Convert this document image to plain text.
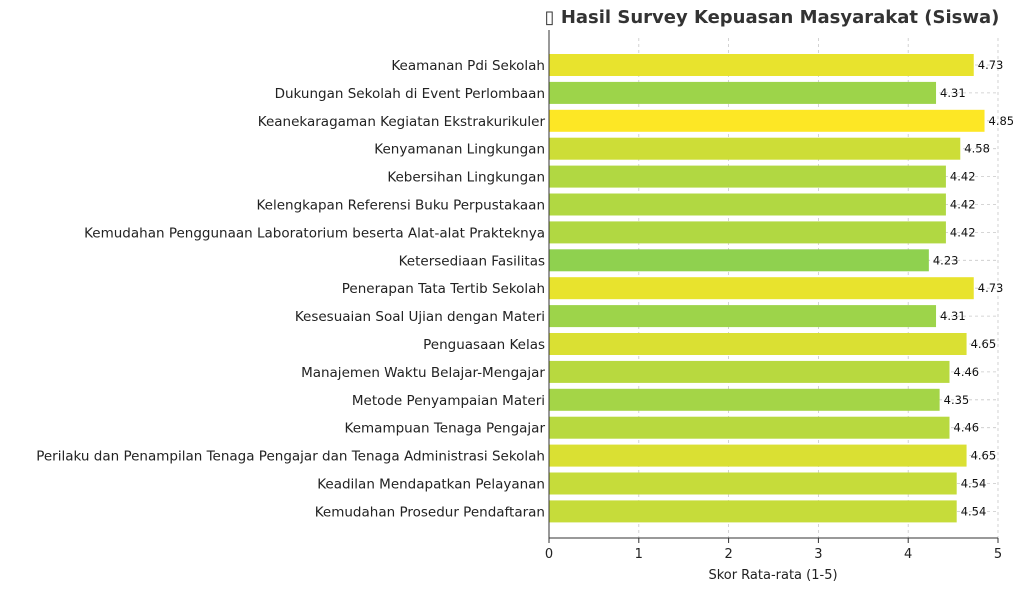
▯ Hasil Survey Kepuasan Masyarakat (Siswa)
Keamanan Pdi Sekolah	4.73
Dukungan Sekolah di Event Perlombaan	4.31
Keanekaragaman Kegiatan Ekstrakurikuler	4.85
Kenyamanan Lingkungan	4.58
Kebersihan Lingkungan	4.42
Kelengkapan Referensi Buku Perpustakaan	4.42
Kemudahan Penggunaan Laboratorium beserta Alat-alat Prakteknya	4.42
Ketersediaan Fasilitas	4.23
Penerapan Tata Tertib Sekolah	4.73
Kesesuaian Soal Ujian dengan Materi	4.31
Penguasaan Kelas	4.65
Manajemen Waktu Belajar-Mengajar	4.46
Metode Penyampaian Materi	4.35
Kemampuan Tenaga Pengajar	4.46
Perilaku dan Penampilan Tenaga Pengajar dan Tenaga Administrasi Sekolah	4.65
Keadilan Mendapatkan Pelayanan	4.54
Kemudahan Prosedur Pendaftaran	4.54
0	1	2	3	4	5
Skor Rata-rata (1-5)
